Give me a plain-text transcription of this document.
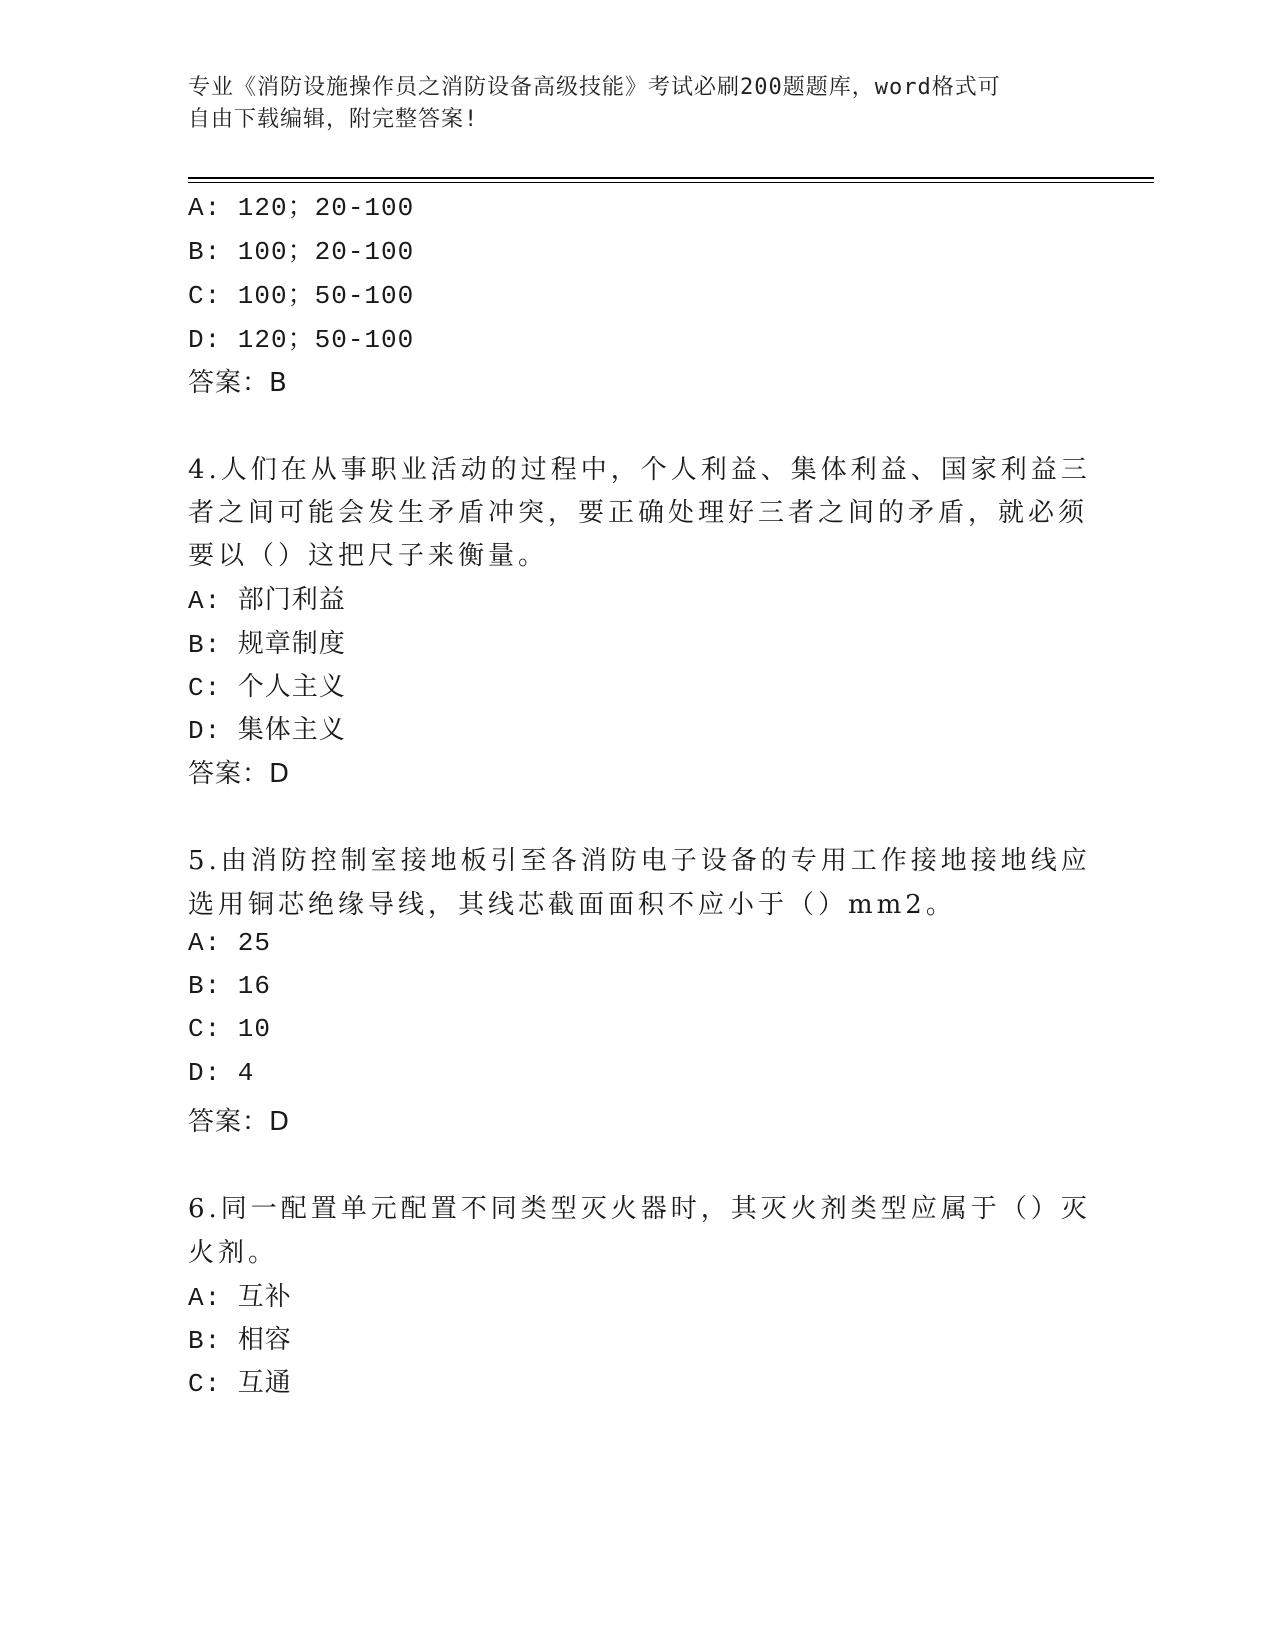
专业《消防设施操作员之消防设备高级技能》考试必刷200题题库，word格式可
自由下载编辑，附完整答案!
A: 120；20-100
B: 100；20-100
C: 100；50-100
D: 120；50-100
答案：B
4.人们在从事职业活动的过程中，个人利益、集体利益、国家利益三
者之间可能会发生矛盾冲突，要正确处理好三者之间的矛盾，就必须
要以（）这把尺子来衡量。
A: 部门利益
B: 规章制度
C: 个人主义
D: 集体主义
答案：D
5.由消防控制室接地板引至各消防电子设备的专用工作接地接地线应
选用铜芯绝缘导线，其线芯截面面积不应小于（）mm2。
A: 25
B: 16
C: 10
D: 4
答案：D
6.同一配置单元配置不同类型灭火器时，其灭火剂类型应属于（）灭
火剂。
A: 互补
B: 相容
C: 互通
